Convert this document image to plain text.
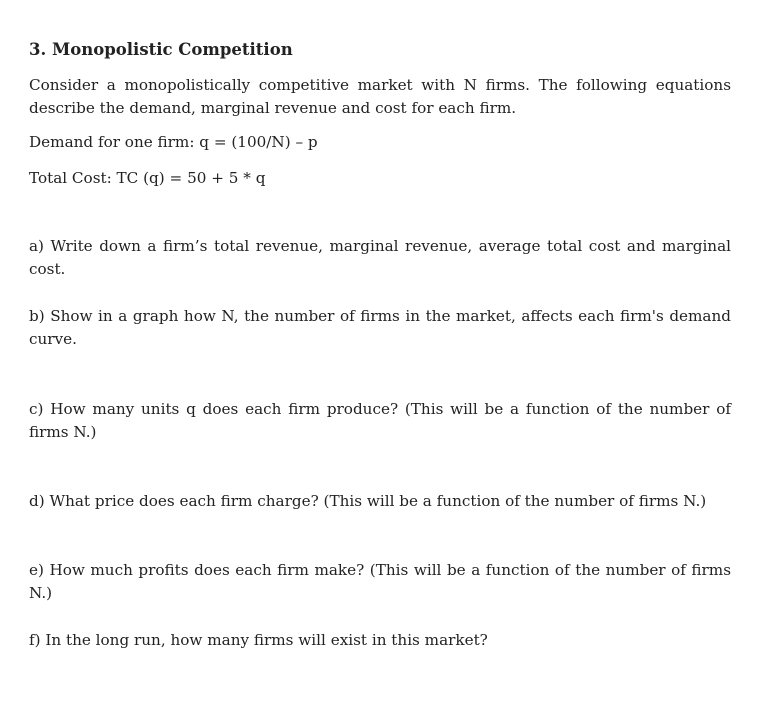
3. Monopolistic Competition

Consider a monopolistically competitive market with N firms. The following equations describe the demand, marginal revenue and cost for each firm.

Demand for one firm: q = (100/N) – p

Total Cost: TC (q) = 50 + 5 * q

a) Write down a firm’s total revenue, marginal revenue, average total cost and marginal cost.

b) Show in a graph how N, the number of firms in the market, affects each firm's demand curve.

c) How many units q does each firm produce? (This will be a function of the number of firms N.)

d) What price does each firm charge? (This will be a function of the number of firms N.)

e) How much profits does each firm make? (This will be a function of the number of firms N.)

f) In the long run, how many firms will exist in this market?
